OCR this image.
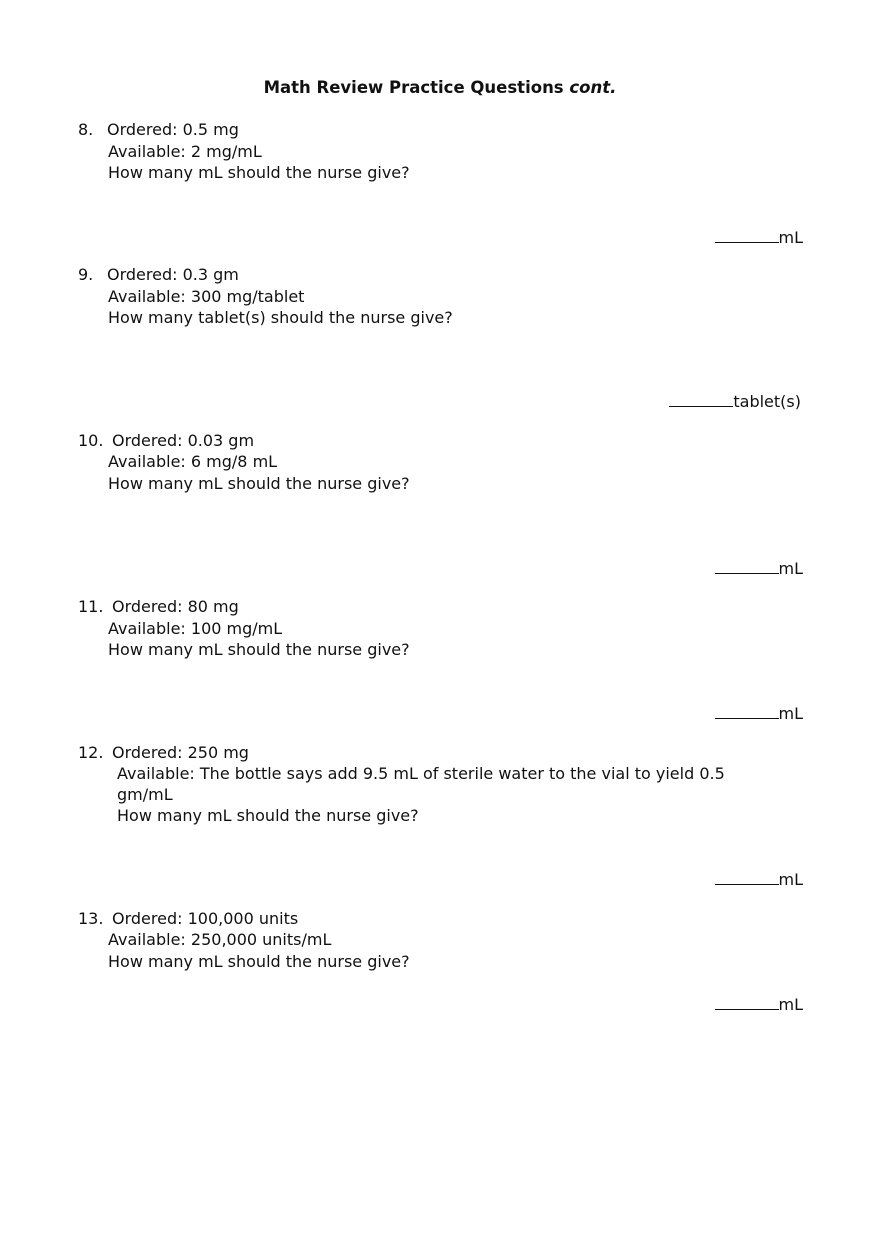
Math Review Practice Questions cont.
8. Ordered: 0.5 mg
Available: 2 mg/mL
How many mL should the nurse give?
mL
9. Ordered: 0.3 gm
Available: 300 mg/tablet
How many tablet(s) should the nurse give?
tablet(s)
10. Ordered: 0.03 gm
Available: 6 mg/8 mL
How many mL should the nurse give?
mL
11. Ordered: 80 mg
Available: 100 mg/mL
How many mL should the nurse give?
mL
12. Ordered: 250 mg
Available: The bottle says add 9.5 mL of sterile water to the vial to yield 0.5
gm/mL
How many mL should the nurse give?
mL
13. Ordered: 100,000 units
Available: 250,000 units/mL
How many mL should the nurse give?
mL
